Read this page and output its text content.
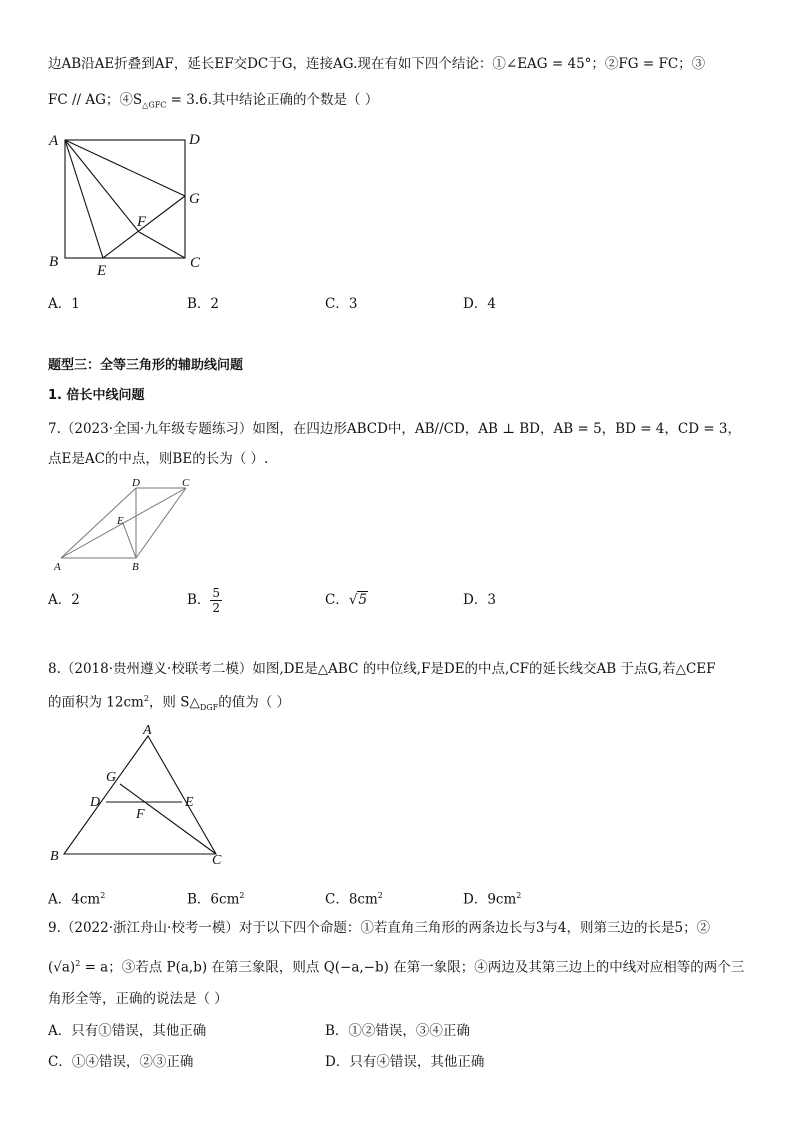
边AB沿AE折叠到AF，延长EF交DC于G，连接AG.现在有如下四个结论：①∠EAG = 45°；②FG = FC；③
FC // AG；$④S_{\triangle GFC} = 3.6$.其中结论正确的个数是（ ）
A	D
G
F
B
E	C
A．1	B．2	C．3	D．4
题型三：全等三角形的辅助线问题
1. 倍长中线问题
7.（2023·全国·九年级专题练习）如图，在四边形ABCD中，AB//CD，AB ⊥ BD，AB = 5，BD = 4，CD = 3，
点E是AC的中点，则BE的长为（ ）.
D	C
E
A	B
A．2	B． $\frac{5}{2}$	C．√5	D．3
8.（2018·贵州遵义·校联考二模）如图,DE是△ABC 的中位线,F是DE的中点,CF的延长线交AB 于点G,若△CEF
的面积为 $12cm^2$，则 $S\triangle_{DGF}$的值为（ ）
A
G
D	E
F
B	C
A．$4cm^2$	B．$6cm^2$	C．$8cm^2$	D．$9cm^2$
9.（2022·浙江舟山·校考一模）对于以下四个命题：①若直角三角形的两条边长与3与4，则第三边的长是5；②
$(√a)^2 = a$；③若点 P(a,b) 在第三象限，则点 Q(−a,−b) 在第一象限；④两边及其第三边上的中线对应相等的两个三
角形全等，正确的说法是（ ）
A．只有①错误，其他正确	B．①②错误，③④正确
C．①④错误，②③正确	D．只有④错误，其他正确
